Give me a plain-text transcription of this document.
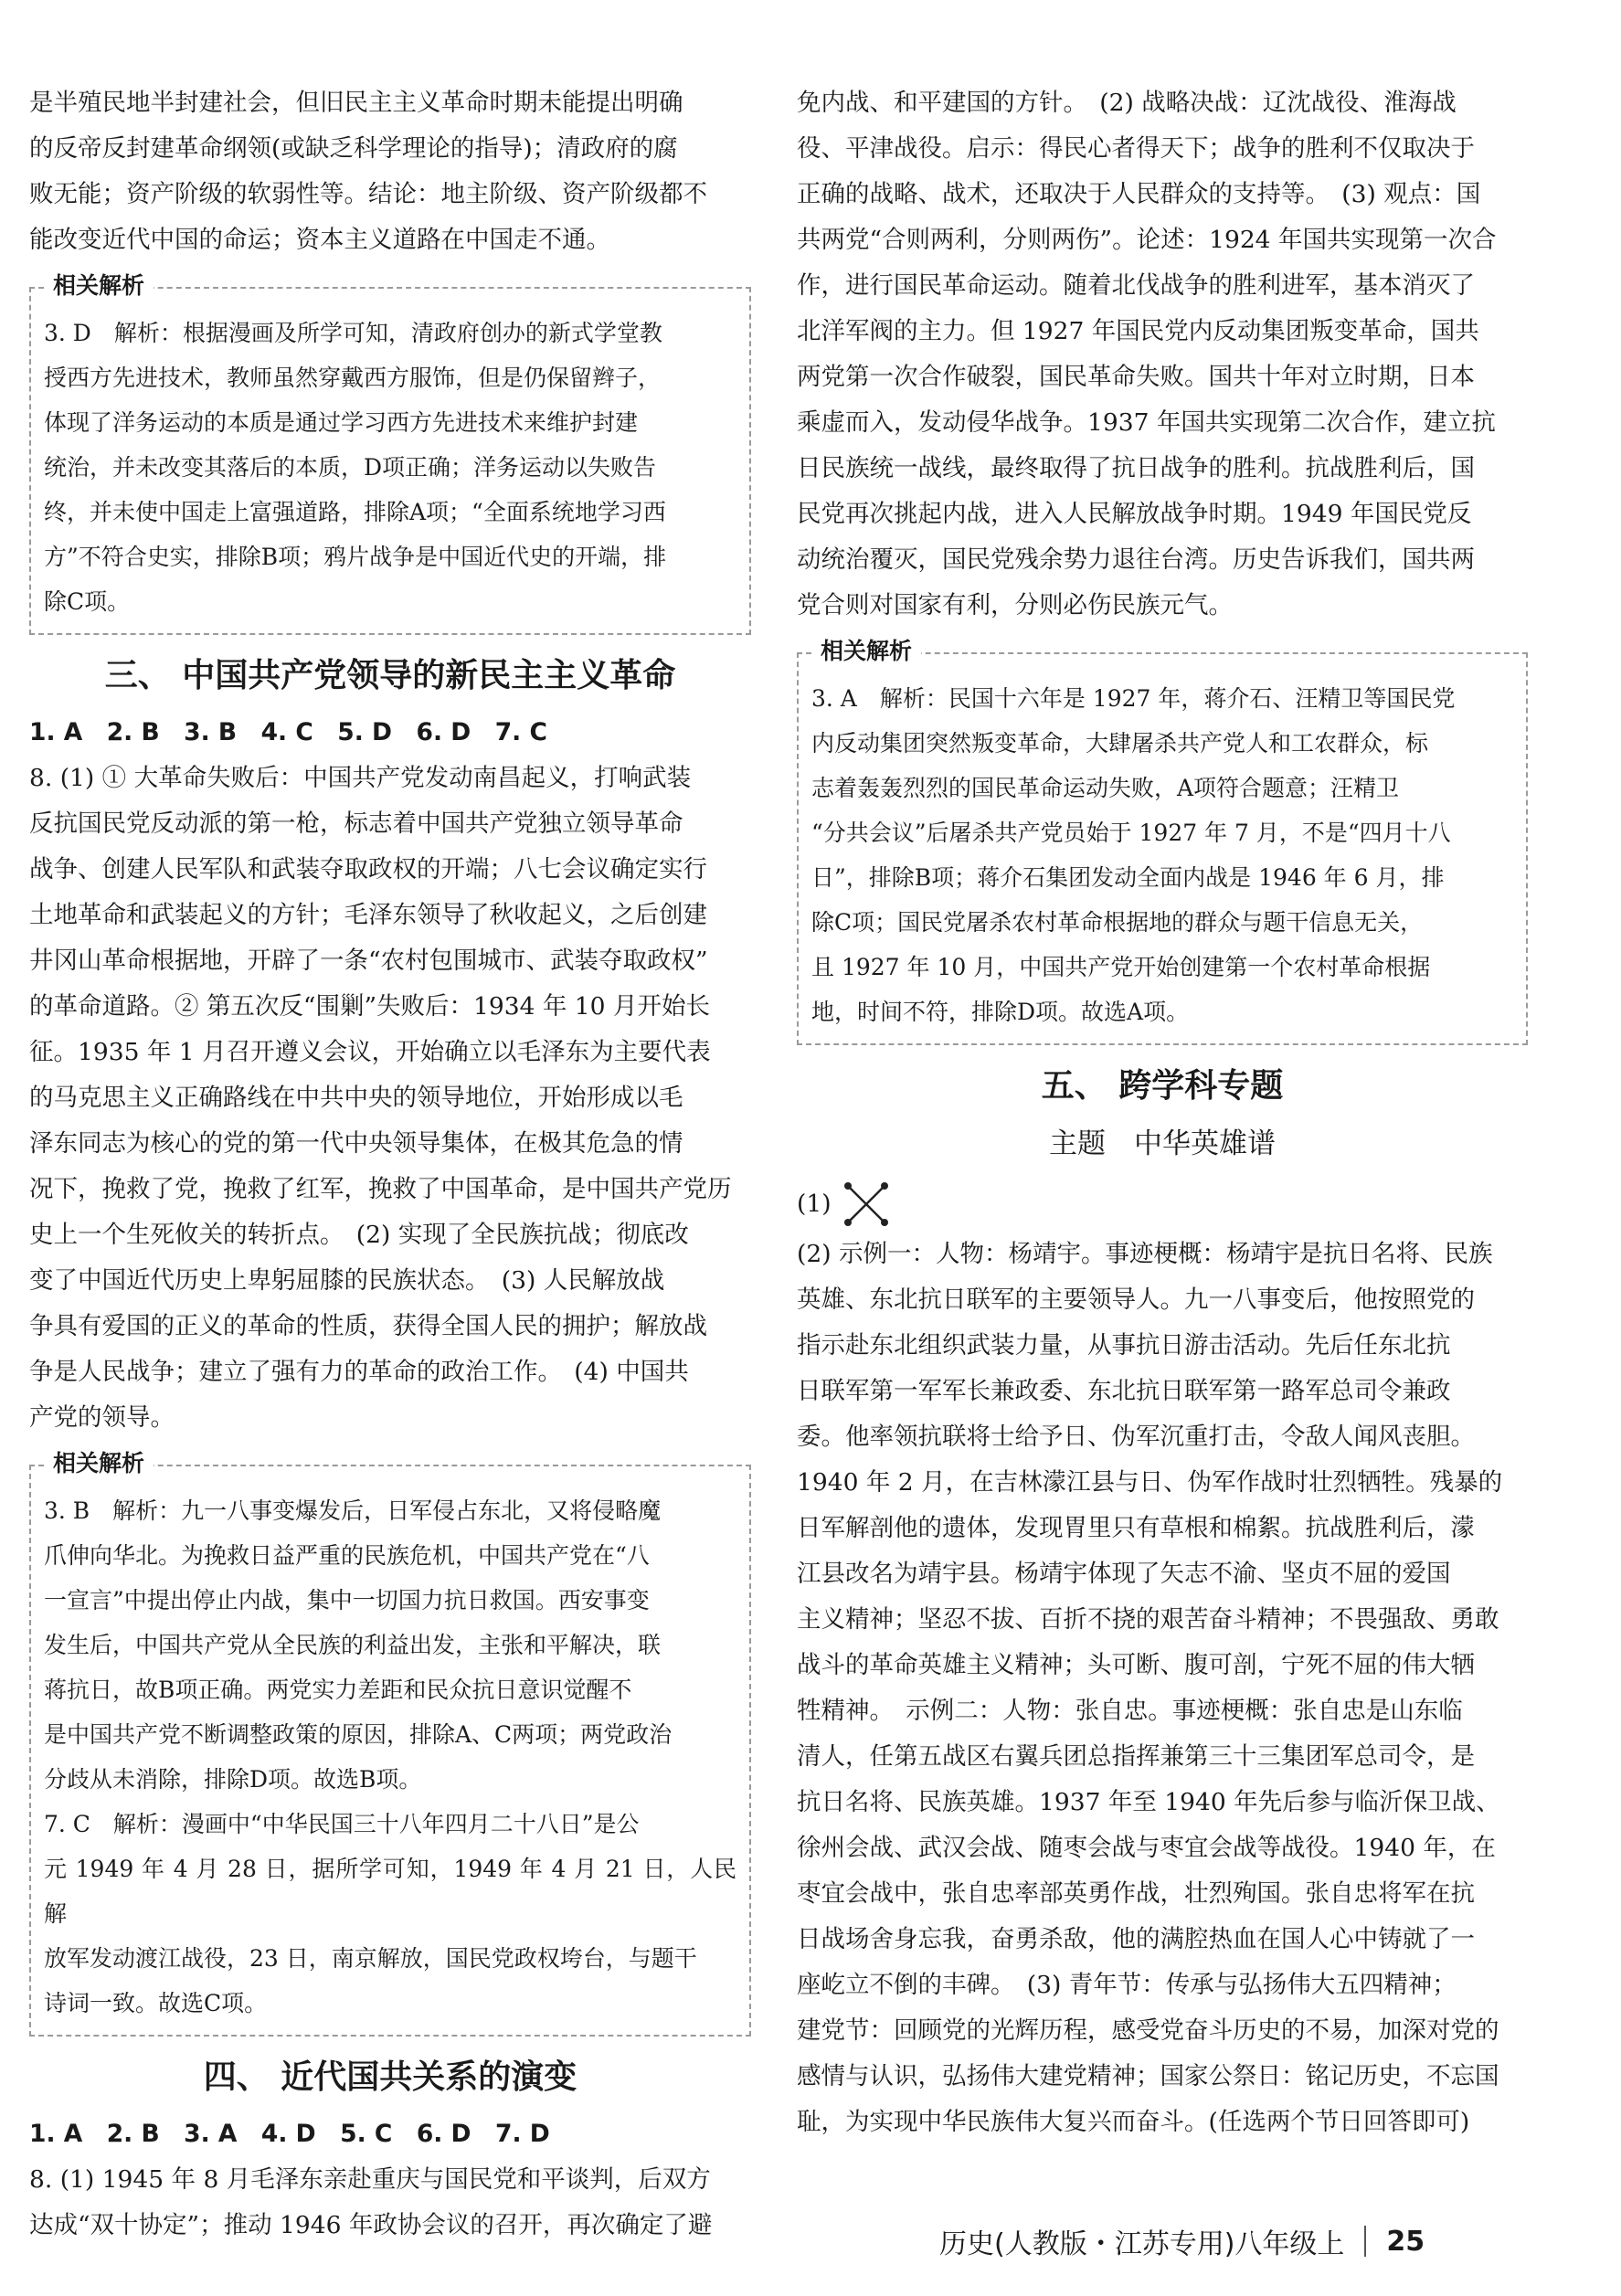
是半殖民地半封建社会，但旧民主主义革命时期未能提出明确

的反帝反封建革命纲领(或缺乏科学理论的指导)；清政府的腐

败无能；资产阶级的软弱性等。结论：地主阶级、资产阶级都不

能改变近代中国的命运；资本主义道路在中国走不通。

相关解析

3. D　解析：根据漫画及所学可知，清政府创办的新式学堂教

授西方先进技术，教师虽然穿戴西方服饰，但是仍保留辫子，

体现了洋务运动的本质是通过学习西方先进技术来维护封建

统治，并未改变其落后的本质，D项正确；洋务运动以失败告

终，并未使中国走上富强道路，排除A项；“全面系统地学习西

方”不符合史实，排除B项；鸦片战争是中国近代史的开端，排

除C项。

三、 中国共产党领导的新民主主义革命

1. A　2. B　3. B　4. C　5. D　6. D　7. C

8. (1) ① 大革命失败后：中国共产党发动南昌起义，打响武装

反抗国民党反动派的第一枪，标志着中国共产党独立领导革命

战争、创建人民军队和武装夺取政权的开端；八七会议确定实行

土地革命和武装起义的方针；毛泽东领导了秋收起义，之后创建

井冈山革命根据地，开辟了一条“农村包围城市、武装夺取政权”

的革命道路。② 第五次反“围剿”失败后：1934 年 10 月开始长

征。1935 年 1 月召开遵义会议，开始确立以毛泽东为主要代表

的马克思主义正确路线在中共中央的领导地位，开始形成以毛

泽东同志为核心的党的第一代中央领导集体，在极其危急的情

况下，挽救了党，挽救了红军，挽救了中国革命，是中国共产党历

史上一个生死攸关的转折点。　(2) 实现了全民族抗战；彻底改

变了中国近代历史上卑躬屈膝的民族状态。　(3) 人民解放战

争具有爱国的正义的革命的性质，获得全国人民的拥护；解放战

争是人民战争；建立了强有力的革命的政治工作。　(4) 中国共

产党的领导。

相关解析

3. B　解析：九一八事变爆发后，日军侵占东北，又将侵略魔

爪伸向华北。为挽救日益严重的民族危机，中国共产党在“八

一宣言”中提出停止内战，集中一切国力抗日救国。西安事变

发生后，中国共产党从全民族的利益出发，主张和平解决，联

蒋抗日，故B项正确。两党实力差距和民众抗日意识觉醒不

是中国共产党不断调整政策的原因，排除A、C两项；两党政治

分歧从未消除，排除D项。故选B项。

7. C　解析：漫画中“中华民国三十八年四月二十八日”是公

元 1949 年 4 月 28 日，据所学可知，1949 年 4 月 21 日，人民解

放军发动渡江战役，23 日，南京解放，国民党政权垮台，与题干

诗词一致。故选C项。

四、 近代国共关系的演变

1. A　2. B　3. A　4. D　5. C　6. D　7. D

8. (1) 1945 年 8 月毛泽东亲赴重庆与国民党和平谈判，后双方

达成“双十协定”；推动 1946 年政协会议的召开，再次确定了避

免内战、和平建国的方针。　(2) 战略决战：辽沈战役、淮海战

役、平津战役。启示：得民心者得天下；战争的胜利不仅取决于

正确的战略、战术，还取决于人民群众的支持等。　(3) 观点：国

共两党“合则两利，分则两伤”。论述：1924 年国共实现第一次合

作，进行国民革命运动。随着北伐战争的胜利进军，基本消灭了

北洋军阀的主力。但 1927 年国民党内反动集团叛变革命，国共

两党第一次合作破裂，国民革命失败。国共十年对立时期，日本

乘虚而入，发动侵华战争。1937 年国共实现第二次合作，建立抗

日民族统一战线，最终取得了抗日战争的胜利。抗战胜利后，国

民党再次挑起内战，进入人民解放战争时期。1949 年国民党反

动统治覆灭，国民党残余势力退往台湾。历史告诉我们，国共两

党合则对国家有利，分则必伤民族元气。

相关解析

3. A　解析：民国十六年是 1927 年，蒋介石、汪精卫等国民党

内反动集团突然叛变革命，大肆屠杀共产党人和工农群众，标

志着轰轰烈烈的国民革命运动失败，A项符合题意；汪精卫

“分共会议”后屠杀共产党员始于 1927 年 7 月，不是“四月十八

日”，排除B项；蒋介石集团发动全面内战是 1946 年 6 月，排

除C项；国民党屠杀农村革命根据地的群众与题干信息无关，

且 1927 年 10 月，中国共产党开始创建第一个农村革命根据

地，时间不符，排除D项。故选A项。

五、 跨学科专题
主题　中华英雄谱
(1)

(2) 示例一：人物：杨靖宇。事迹梗概：杨靖宇是抗日名将、民族

英雄、东北抗日联军的主要领导人。九一八事变后，他按照党的

指示赴东北组织武装力量，从事抗日游击活动。先后任东北抗

日联军第一军军长兼政委、东北抗日联军第一路军总司令兼政

委。他率领抗联将士给予日、伪军沉重打击，令敌人闻风丧胆。

1940 年 2 月，在吉林濛江县与日、伪军作战时壮烈牺牲。残暴的

日军解剖他的遗体，发现胃里只有草根和棉絮。抗战胜利后，濛

江县改名为靖宇县。杨靖宇体现了矢志不渝、坚贞不屈的爱国

主义精神；坚忍不拔、百折不挠的艰苦奋斗精神；不畏强敌、勇敢

战斗的革命英雄主义精神；头可断、腹可剖，宁死不屈的伟大牺

牲精神。　示例二：人物：张自忠。事迹梗概：张自忠是山东临

清人，任第五战区右翼兵团总指挥兼第三十三集团军总司令，是

抗日名将、民族英雄。1937 年至 1940 年先后参与临沂保卫战、

徐州会战、武汉会战、随枣会战与枣宜会战等战役。1940 年，在

枣宜会战中，张自忠率部英勇作战，壮烈殉国。张自忠将军在抗

日战场舍身忘我，奋勇杀敌，他的满腔热血在国人心中铸就了一

座屹立不倒的丰碑。　(3) 青年节：传承与弘扬伟大五四精神；

建党节：回顾党的光辉历程，感受党奋斗历史的不易，加深对党的

感情与认识，弘扬伟大建党精神；国家公祭日：铭记历史，不忘国

耻，为实现中华民族伟大复兴而奋斗。(任选两个节日回答即可)

历史(人教版・江苏专用)八年级上 25
